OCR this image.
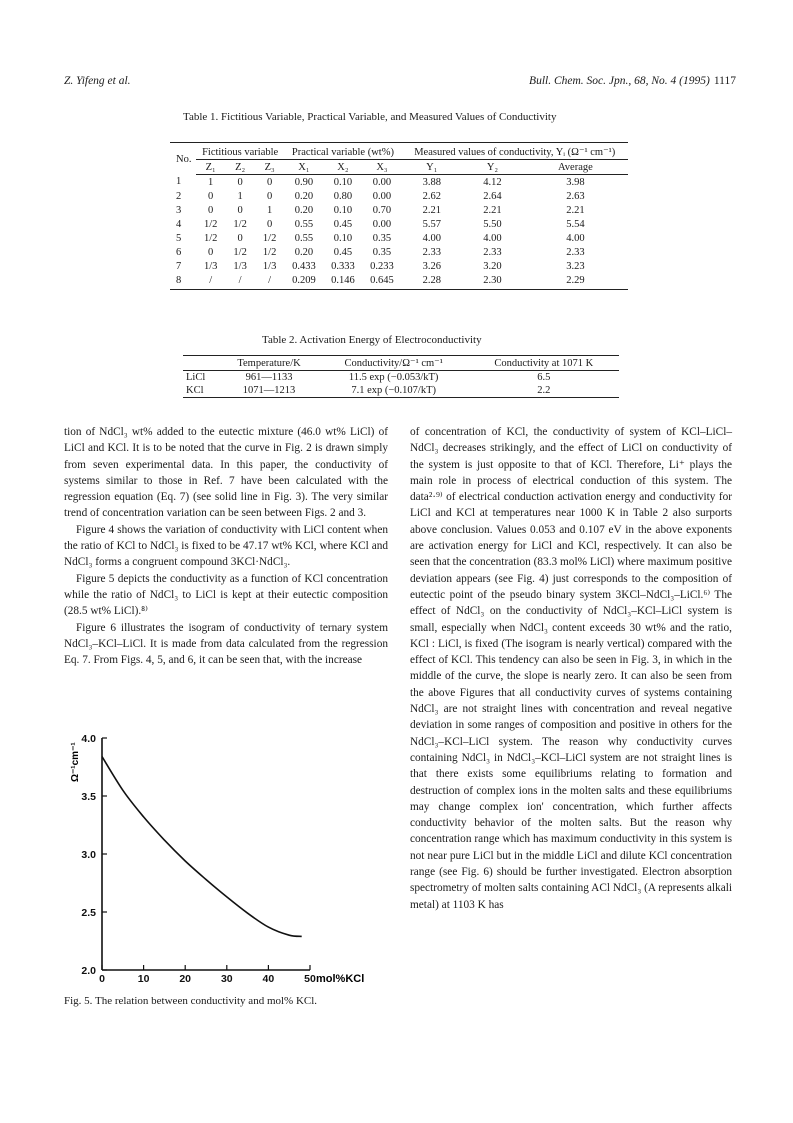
Z. Yifeng et al.	Bull. Chem. Soc. Jpn., 68, No. 4 (1995) 1117
Table 1. Fictitious Variable, Practical Variable, and Measured Values of Conductivity
No.	Fictitious variable			Practical variable (wt%)			Measured values of conductivity, Yᵢ (Ω⁻¹ cm⁻¹)		
	Z₁	Z₂	Z₃	X₁	X₂	X₃	Y₁	Y₂	Average
1	1	0	0	0.90	0.10	0.00	3.88	4.12	3.98
2	0	1	0	0.20	0.80	0.00	2.62	2.64	2.63
3	0	0	1	0.20	0.10	0.70	2.21	2.21	2.21
4	1/2	1/2	0	0.55	0.45	0.00	5.57	5.50	5.54
5	1/2	0	1/2	0.55	0.10	0.35	4.00	4.00	4.00
6	0	1/2	1/2	0.20	0.45	0.35	2.33	2.33	2.33
7	1/3	1/3	1/3	0.433	0.333	0.233	3.26	3.20	3.23
8	/	/	/	0.209	0.146	0.645	2.28	2.30	2.29
Table 2. Activation Energy of Electroconductivity
	Temperature/K	Conductivity/Ω⁻¹ cm⁻¹	Conductivity at 1071 K
LiCl	961—1133	11.5 exp (−0.053/kT)	6.5
KCl	1071—1213	7.1 exp (−0.107/kT)	2.2

tion of NdCl₃ wt% added to the eutectic mixture (46.0 wt% LiCl) of LiCl and KCl. It is to be noted that the curve in Fig. 2 is drawn simply from seven experimental data. In this paper, the conductivity of systems similar to those in Ref. 7 have been calculated with the regression equation (Eq. 7) (see solid line in Fig. 3). The very similar trend of concentration variation can be seen between Figs. 2 and 3.

Figure 4 shows the variation of conductivity with LiCl content when the ratio of KCl to NdCl₃ is fixed to be 47.17 wt% KCl, where KCl and NdCl₃ forms a congruent compound 3KCl·NdCl₃.

Figure 5 depicts the conductivity as a function of KCl concentration while the ratio of NdCl₃ to LiCl is kept at their eutectic composition (28.5 wt% LiCl).⁸⁾

Figure 6 illustrates the isogram of conductivity of ternary system NdCl₃–KCl–LiCl. It is made from data calculated from the regression Eq. 7. From Figs. 4, 5, and 6, it can be seen that, with the increase

of concentration of KCl, the conductivity of system of KCl–LiCl–NdCl₃ decreases strikingly, and the effect of LiCl on conductivity of the system is just opposite to that of KCl. Therefore, Li⁺ plays the main role in process of electrical conduction of this system. The data²·⁹⁾ of electrical conduction activation energy and conductivity for LiCl and KCl at temperatures near 1000 K in Table 2 also surports above conclusion. Values 0.053 and 0.107 eV in the above exponents are activation energy for LiCl and KCl, respectively. It can also be seen that the concentration (83.3 mol% LiCl) where maximum positive deviation appears (see Fig. 4) just corresponds to the composition of eutectic point of the pseudo binary system 3KCl–NdCl₃–LiCl.⁶⁾ The effect of NdCl₃ on the conductivity of NdCl₃–KCl–LiCl system is small, especially when NdCl₃ content exceeds 30 wt% and the ratio, KCl : LiCl, is fixed (The isogram is nearly vertical) compared with the effect of KCl. This tendency can also be seen in Fig. 3, in which in the middle of the curve, the slope is nearly zero. It can also be seen from the above Figures that all conductivity curves of systems containing NdCl₃ are not straight lines with concentration and reveal negative deviation in some ranges of composition and positive in others for the NdCl₃–KCl–LiCl system. The reason why conductivity curves containing NdCl₃ in NdCl₃–KCl–LiCl system are not straight lines is that there exists some equilibriums relating to formation and destruction of complex ions in the molten salts and these equilibriums may change complex ion' concentration, which further affects conductivity behavior of the molten salts. But the reason why concentration range which has maximum conductivity in this system is not near pure LiCl but in the middle LiCl and dilute KCl concentration range (see Fig. 6) should be further investigated. Electron absorption spectrometry of molten salts containing ACl NdCl₃ (A represents alkali metal) at 1103 K has

0	10	20	30	40	50
2.0
2.5
3.0
3.5
4.0
mol%KCl
Ω⁻¹cm⁻¹
Fig. 5. The relation between conductivity and mol% KCl.
